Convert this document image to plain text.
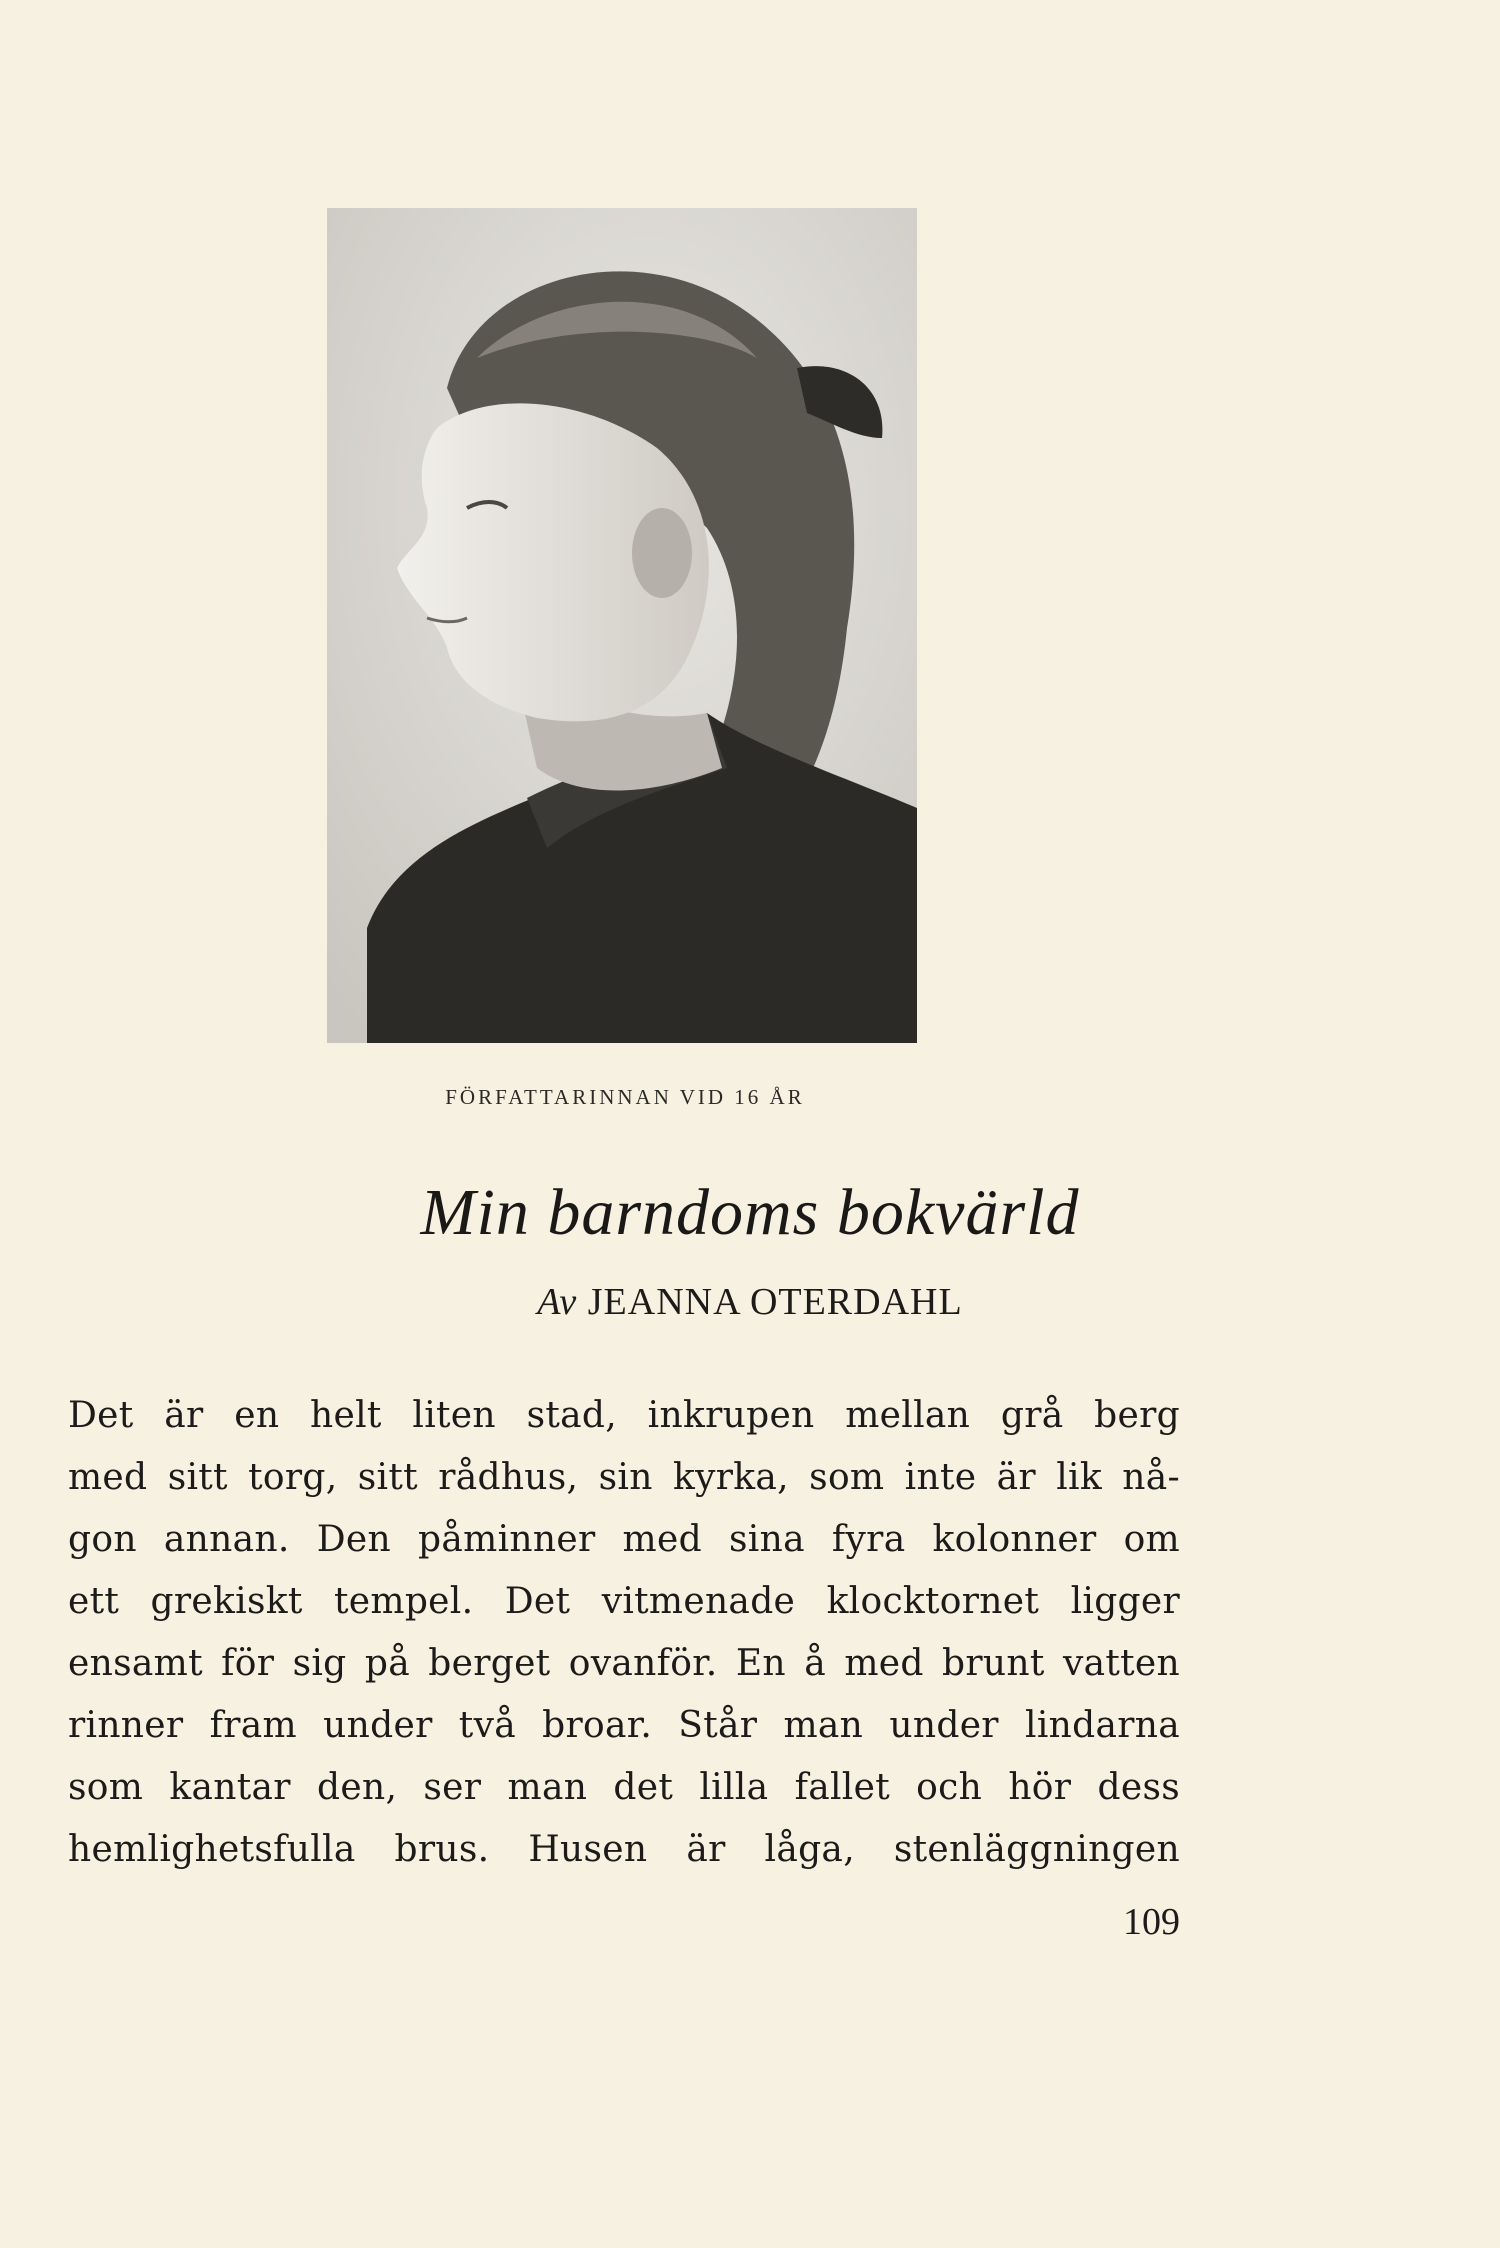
FÖRFATTARINNAN VID 16 ÅR
Min barndoms bokvärld
Av JEANNA OTERDAHL
Det är en helt liten stad, inkrupen mellan grå berg
med sitt torg, sitt rådhus, sin kyrka, som inte är lik nå-
gon annan. Den påminner med sina fyra kolonner om
ett grekiskt tempel. Det vitmenade klocktornet ligger
ensamt för sig på berget ovanför. En å med brunt vatten
rinner fram under två broar. Står man under lindarna
som kantar den, ser man det lilla fallet och hör dess
hemlighetsfulla brus. Husen är låga, stenläggningen
109
